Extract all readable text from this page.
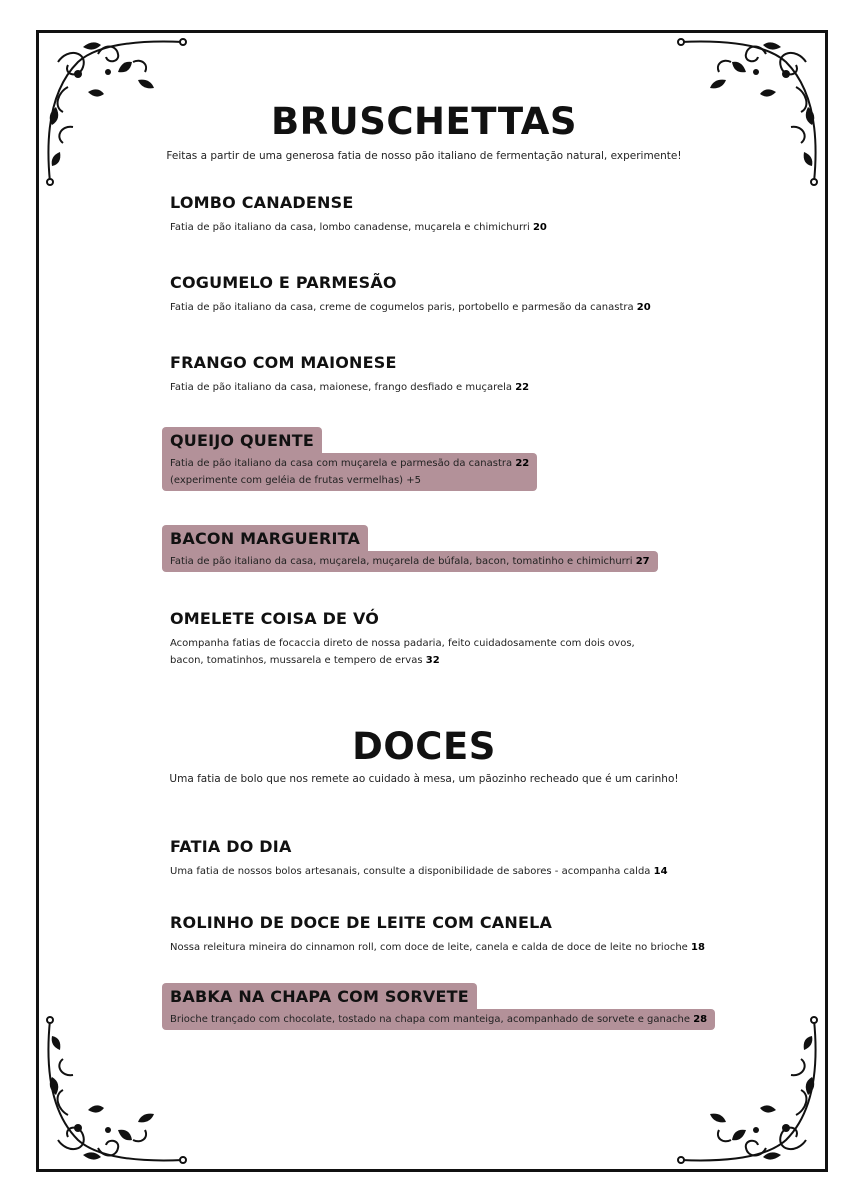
BRUSCHETTAS

Feitas a partir de uma generosa fatia de nosso pão italiano de fermentação natural, experimente!

LOMBO CANADENSE
Fatia de pão italiano da casa, lombo canadense, muçarela e chimichurri 20
COGUMELO E PARMESÃO
Fatia de pão italiano da casa, creme de cogumelos paris, portobello e parmesão da canastra 20
FRANGO COM MAIONESE
Fatia de pão italiano da casa, maionese, frango desfiado e muçarela 22
QUEIJO QUENTE
Fatia de pão italiano da casa com muçarela e parmesão da canastra 22
(experimente com geléia de frutas vermelhas) +5
BACON MARGUERITA
Fatia de pão italiano da casa, muçarela, muçarela de búfala, bacon, tomatinho e chimichurri 27
OMELETE COISA DE VÓ
Acompanha fatias de focaccia direto de nossa padaria, feito cuidadosamente com dois ovos,
bacon, tomatinhos, mussarela e tempero de ervas 32
DOCES

Uma fatia de bolo que nos remete ao cuidado à mesa, um pãozinho recheado que é um carinho!

FATIA DO DIA
Uma fatia de nossos bolos artesanais, consulte a disponibilidade de sabores - acompanha calda 14
ROLINHO DE DOCE DE LEITE COM CANELA
Nossa releitura mineira do cinnamon roll, com doce de leite, canela e calda de doce de leite no brioche 18
BABKA NA CHAPA COM SORVETE
Brioche trançado com chocolate, tostado na chapa com manteiga, acompanhado de sorvete e ganache 28
